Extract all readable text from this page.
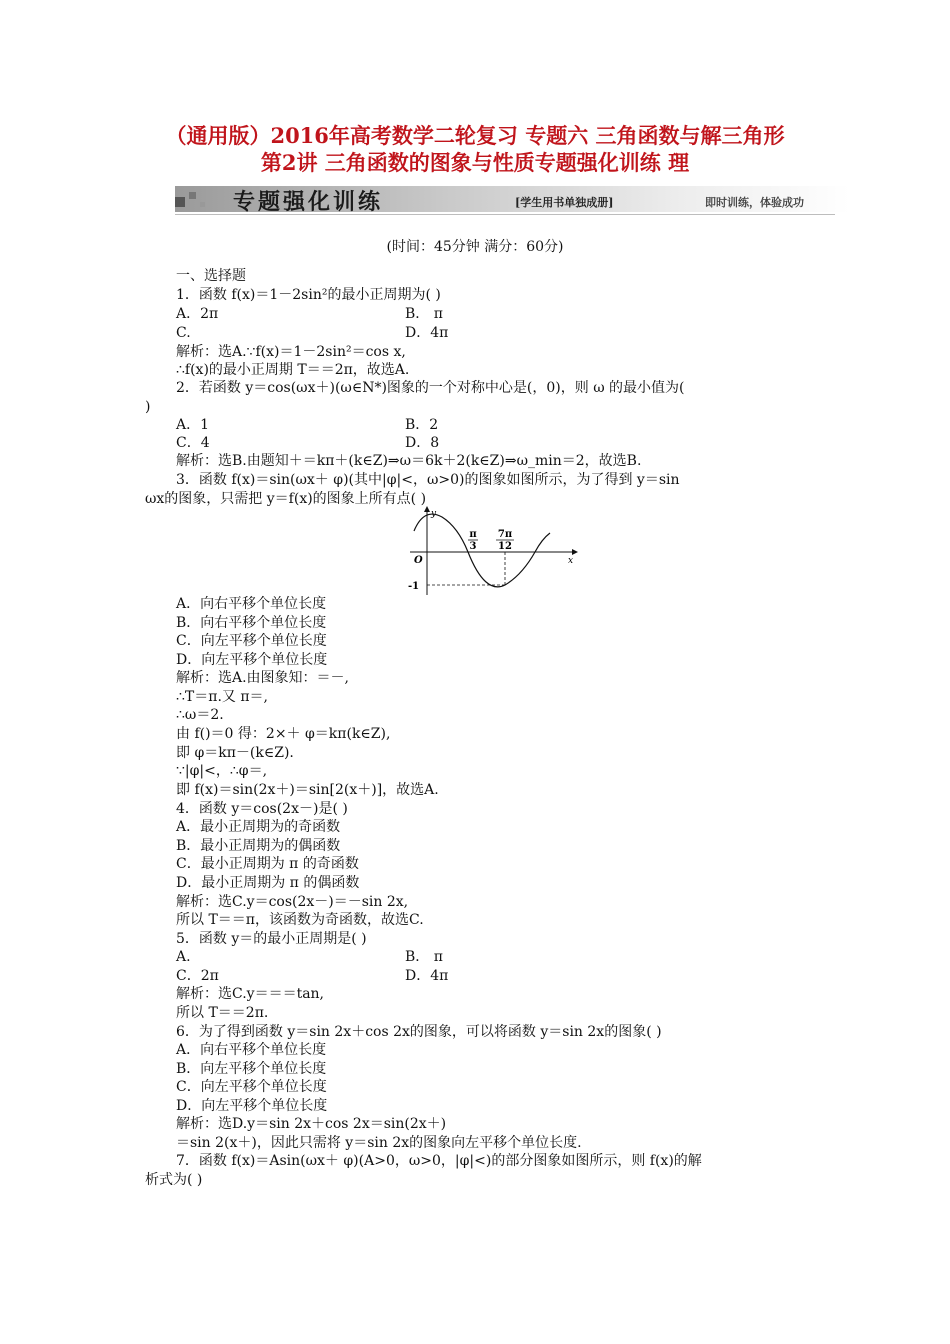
（通用版）2016年高考数学二轮复习 专题六 三角函数与解三角形
第2讲 三角函数的图象与性质专题强化训练 理
专题强化训练	[学生用书单独成册]	即时训练，体验成功
(时间：45分钟 满分：60分)
一、选择题
1．函数 f(x)＝1－2sin²的最小正周期为( )
A．2π	B． π
C.	D．4π
解析：选A.∵f(x)＝1－2sin²＝cos x,
∴f(x)的最小正周期 T＝＝2π，故选A.
2．若函数 y＝cos(ωx＋)(ω∈N*)图象的一个对称中心是(，0)，则 ω 的最小值为(
)
A．1	B．2
C．4	D．8
解析：选B.由题知＋＝kπ＋(k∈Z)⇒ω＝6k＋2(k∈Z)⇒ω_min＝2，故选B.
3．函数 f(x)＝sin(ωx＋ φ)(其中|φ|<，ω>0)的图象如图所示，为了得到 y＝sin
ωx的图象，只需把 y＝f(x)的图象上所有点( )
π
3
7π
12
y
x
O
-1
A．向右平移个单位长度
B．向右平移个单位长度
C．向左平移个单位长度
D．向左平移个单位长度
解析：选A.由图象知：＝－,
∴T＝π.又 π＝,
∴ω＝2.
由 f()＝0 得：2×＋ φ＝kπ(k∈Z),
即 φ＝kπ－(k∈Z).
∵|φ|<，∴φ＝,
即 f(x)＝sin(2x＋)＝sin[2(x＋)]，故选A.
4．函数 y＝cos(2x－)是( )
A．最小正周期为的奇函数
B．最小正周期为的偶函数
C．最小正周期为 π 的奇函数
D．最小正周期为 π 的偶函数
解析：选C.y＝cos(2x－)＝－sin 2x,
所以 T＝＝π，该函数为奇函数，故选C.
5．函数 y＝的最小正周期是( )
A.	B． π
C．2π	D．4π
解析：选C.y＝＝＝tan,
所以 T＝＝2π.
6．为了得到函数 y＝sin 2x＋cos 2x的图象，可以将函数 y＝sin 2x的图象( )
A．向右平移个单位长度
B．向左平移个单位长度
C．向左平移个单位长度
D．向左平移个单位长度
解析：选D.y＝sin 2x＋cos 2x＝sin(2x＋)
＝sin 2(x＋)，因此只需将 y＝sin 2x的图象向左平移个单位长度.
7．函数 f(x)＝Asin(ωx＋ φ)(A>0，ω>0，|φ|<)的部分图象如图所示，则 f(x)的解
析式为( )
